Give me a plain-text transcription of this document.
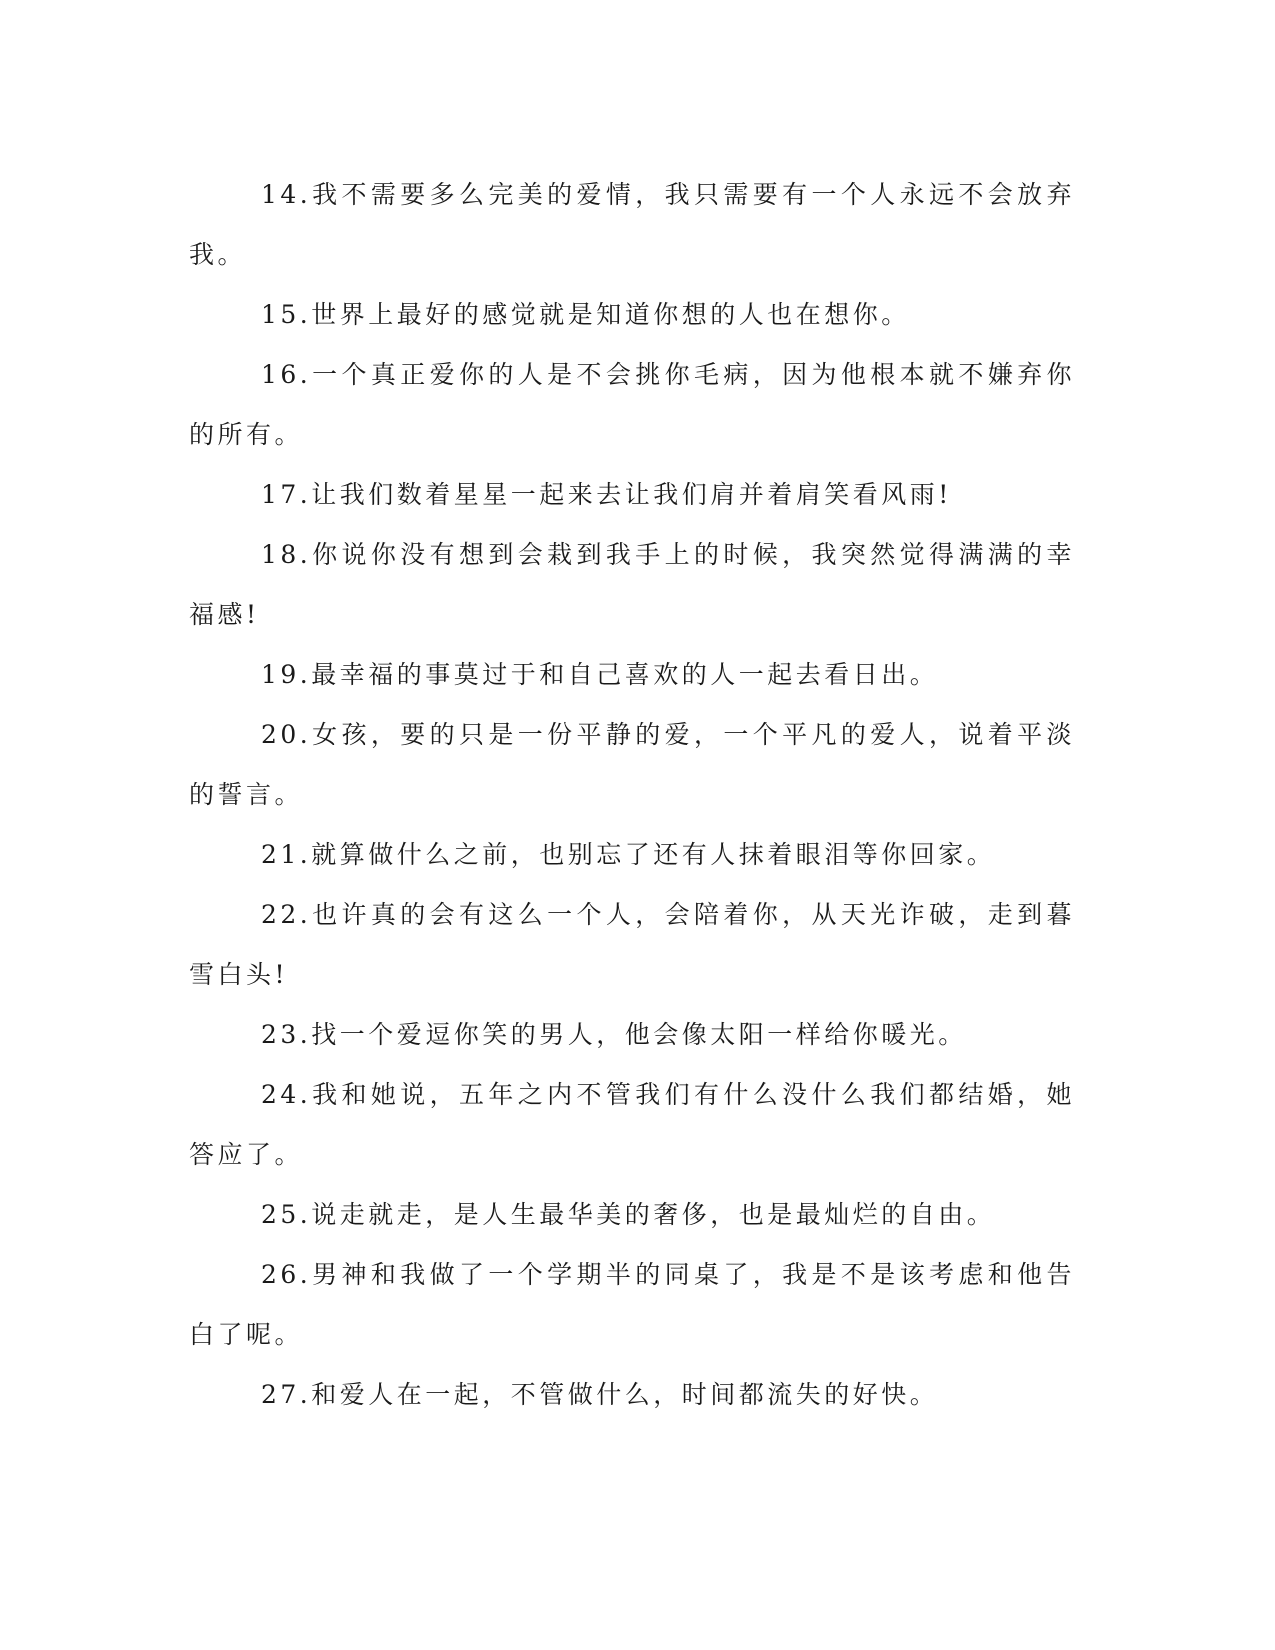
14.我不需要多么完美的爱情，我只需要有一个人永远不会放弃我。

15.世界上最好的感觉就是知道你想的人也在想你。

16.一个真正爱你的人是不会挑你毛病，因为他根本就不嫌弃你的所有。

17.让我们数着星星一起来去让我们肩并着肩笑看风雨!

18.你说你没有想到会栽到我手上的时候，我突然觉得满满的幸福感!

19.最幸福的事莫过于和自己喜欢的人一起去看日出。

20.女孩，要的只是一份平静的爱，一个平凡的爱人，说着平淡的誓言。

21.就算做什么之前，也别忘了还有人抹着眼泪等你回家。

22.也许真的会有这么一个人，会陪着你，从天光诈破，走到暮雪白头!

23.找一个爱逗你笑的男人，他会像太阳一样给你暖光。

24.我和她说，五年之内不管我们有什么没什么我们都结婚，她答应了。

25.说走就走，是人生最华美的奢侈，也是最灿烂的自由。

26.男神和我做了一个学期半的同桌了，我是不是该考虑和他告白了呢。

27.和爱人在一起，不管做什么，时间都流失的好快。
